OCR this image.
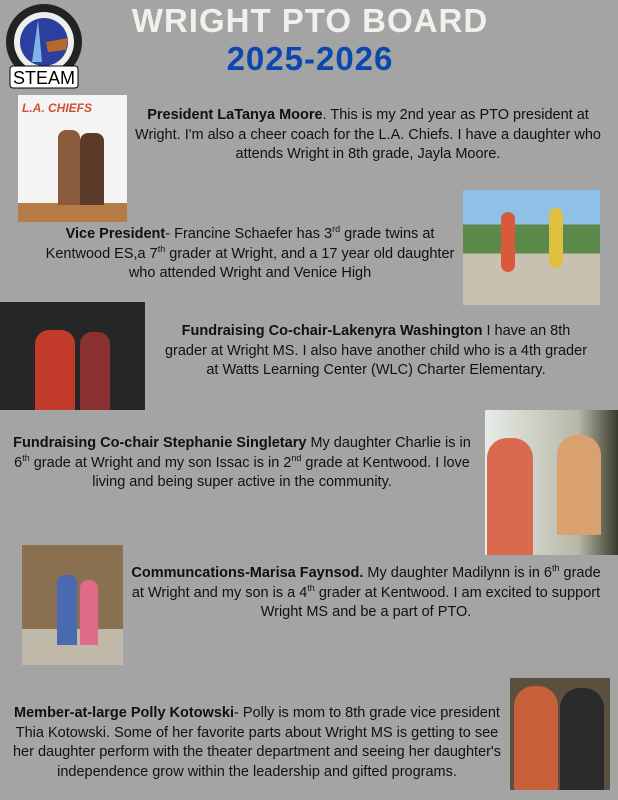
STEAM
WRIGHT PTO BOARD
2025-2026
L.A. CHIEFS	President LaTanya Moore. This is my 2nd year as PTO president at Wright. I'm also a cheer coach for the L.A. Chiefs. I have a daughter who attends Wright in 8th grade, Jayla Moore.
Vice President- Francine Schaefer has 3rd grade twins at Kentwood ES,a 7th grader at Wright, and a 17 year old daughter who attended Wright and Venice High
Fundraising Co-chair-Lakenyra Washington I have an 8th grader at Wright MS. I also have another child who is a 4th grader at Watts Learning Center (WLC) Charter Elementary.
Fundraising Co-chair Stephanie Singletary My daughter Charlie is in 6th grade at Wright and my son Issac is in 2nd grade at Kentwood. I love living and being super active in the community.
Communcations-Marisa Faynsod. My daughter Madilynn is in 6th grade at Wright and my son is a 4th grader at Kentwood. I am excited to support Wright MS and be a part of PTO.
Member-at-large Polly Kotowski- Polly is mom to 8th grade vice president Thia Kotowski. Some of her favorite parts about Wright MS is getting to see her daughter perform with the theater department and seeing her daughter's independence grow within the leadership and gifted programs.
